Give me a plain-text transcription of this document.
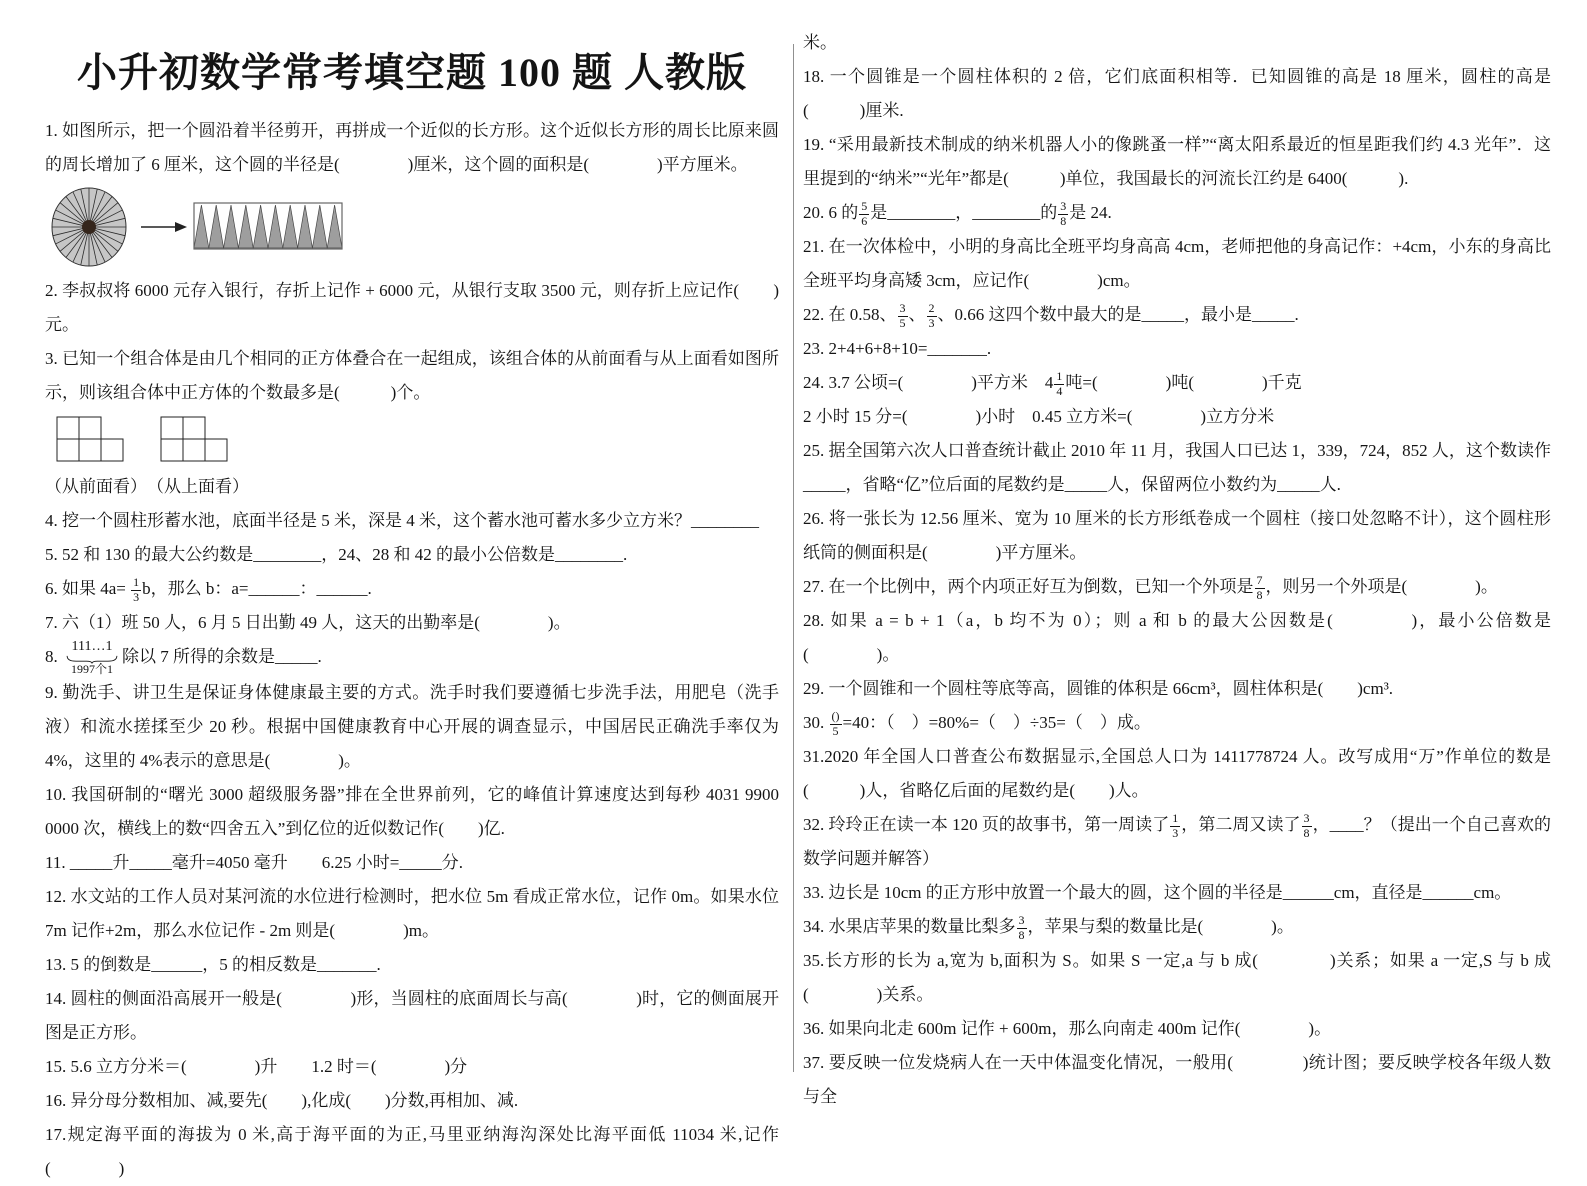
小升初数学常考填空题 100 题 人教版

1. 如图所示，把一个圆沿着半径剪开，再拼成一个近似的长方形。这个近似长方形的周长比原来圆的周长增加了 6 厘米，这个圆的半径是(　　　　)厘米，这个圆的面积是(　　　　)平方厘米。

2. 李叔叔将 6000 元存入银行，存折上记作 + 6000 元，从银行支取 3500 元，则存折上应记作(　　)元。

3. 已知一个组合体是由几个相同的正方体叠合在一起组成，该组合体的从前面看与从上面看如图所示，则该组合体中正方体的个数最多是(　　　)个。

（从前面看）　（从上面看）

4. 挖一个圆柱形蓄水池，底面半径是 5 米，深是 4 米，这个蓄水池可蓄水多少立方米？________

5. 52 和 130 的最大公约数是________，24、28 和 42 的最小公倍数是________.

6. 如果 $4a= \frac{1}{3}$ b，那么 b：a=______：______.

7. 六（1）班 50 人，6 月 5 日出勤 49 人，这天的出勤率是(　　　　)。

8.
111…1
1997个1
除以 7 所得的余数是_____.

9. 勤洗手、讲卫生是保证身体健康最主要的方式。洗手时我们要遵循七步洗手法，用肥皂（洗手液）和流水搓揉至少 20 秒。根据中国健康教育中心开展的调查显示，中国居民正确洗手率仅为 4%，这里的 4%表示的意思是(　　　　)。

10. 我国研制的“曙光 3000 超级服务器”排在全世界前列，它的峰值计算速度达到每秒 4031 9900 0000 次，横线上的数“四舍五入”到亿位的近似数记作(　　)亿.

11. _____升_____毫升=4050 毫升　　6.25 小时=_____分.

12. 水文站的工作人员对某河流的水位进行检测时，把水位 5m 看成正常水位，记作 0m。如果水位 7m 记作+2m，那么水位记作 - 2m 则是(　　　　)m。

13. 5 的倒数是______，5 的相反数是_______.

14. 圆柱的侧面沿高展开一般是(　　　　)形，当圆柱的底面周长与高(　　　　)时，它的侧面展开图是正方形。

15. 5.6 立方分米＝(　　　　)升　　1.2 时＝(　　　　)分

16. 异分母分数相加、减,要先(　　),化成(　　)分数,再相加、减.

17.规定海平面的海拔为 0 米,高于海平面的为正,马里亚纳海沟深处比海平面低 11034 米,记作(　　　　)

米。

18. 一个圆锥是一个圆柱体积的 2 倍，它们底面积相等．已知圆锥的高是 18 厘米，圆柱的高是(　　　)厘米.

19. “采用最新技术制成的纳米机器人小的像跳蚤一样”“离太阳系最近的恒星距我们约 4.3 光年”．这里提到的“纳米”“光年”都是(　　　)单位，我国最长的河流长江约是 6400(　　　).

20. 6 的 $\frac{5}{6}$ 是________，________的 $\frac{3}{8}$ 是 24.

21. 在一次体检中，小明的身高比全班平均身高高 4cm，老师把他的身高记作：+4cm，小东的身高比全班平均身高矮 3cm，应记作(　　　　)cm。

22. 在 0.58、 $\frac{3}{5}$ 、 $\frac{2}{3}$ 、0.66 这四个数中最大的是_____，最小是_____.

23. 2+4+6+8+10=_______.

24. 3.7 公顷=(　　　　)平方米　$4 \frac{1}{4}$ 吨=(　　　　)吨(　　　　)千克

2 小时 15 分=(　　　　)小时　0.45 立方米=(　　　　)立方分米

25. 据全国第六次人口普查统计截止 2010 年 11 月，我国人口已达 1，339，724，852 人，这个数读作_____，省略“亿”位后面的尾数约是_____人，保留两位小数约为_____人.

26. 将一张长为 12.56 厘米、宽为 10 厘米的长方形纸卷成一个圆柱（接口处忽略不计），这个圆柱形纸筒的侧面积是(　　　　)平方厘米。

27. 在一个比例中，两个内项正好互为倒数，已知一个外项是 $\frac{7}{8}$ ，则另一个外项是(　　　　)。

28. 如果 a = b + 1（a，b 均不为 0）；则 a 和 b 的最大公因数是(　　　　)，最小公倍数是(　　　　)。

29. 一个圆锥和一个圆柱等底等高，圆锥的体积是 66cm³，圆柱体积是(　　)cm³.

30. $\frac{()}{5} =40$：（　）=80%=（　）÷35=（　）成。

31.2020 年全国人口普查公布数据显示,全国总人口为 1411778724 人。改写成用“万”作单位的数是(　　　)人，省略亿后面的尾数约是(　　)人。

32. 玲玲正在读一本 120 页的故事书，第一周读了 $\frac{1}{3}$ ，第二周又读了 $\frac{3}{8}$ ，____？（提出一个自己喜欢的数学问题并解答）

33. 边长是 10cm 的正方形中放置一个最大的圆，这个圆的半径是______cm，直径是______cm。

34. 水果店苹果的数量比梨多 $\frac{3}{8}$ ，苹果与梨的数量比是(　　　　)。

35.长方形的长为 a,宽为 b,面积为 S。如果 S 一定,a 与 b 成(　　　　)关系；如果 a 一定,S 与 b 成(　　　　)关系。

36. 如果向北走 600m 记作 + 600m，那么向南走 400m 记作(　　　　)。

37. 要反映一位发烧病人在一天中体温变化情况，一般用(　　　　)统计图；要反映学校各年级人数与全
